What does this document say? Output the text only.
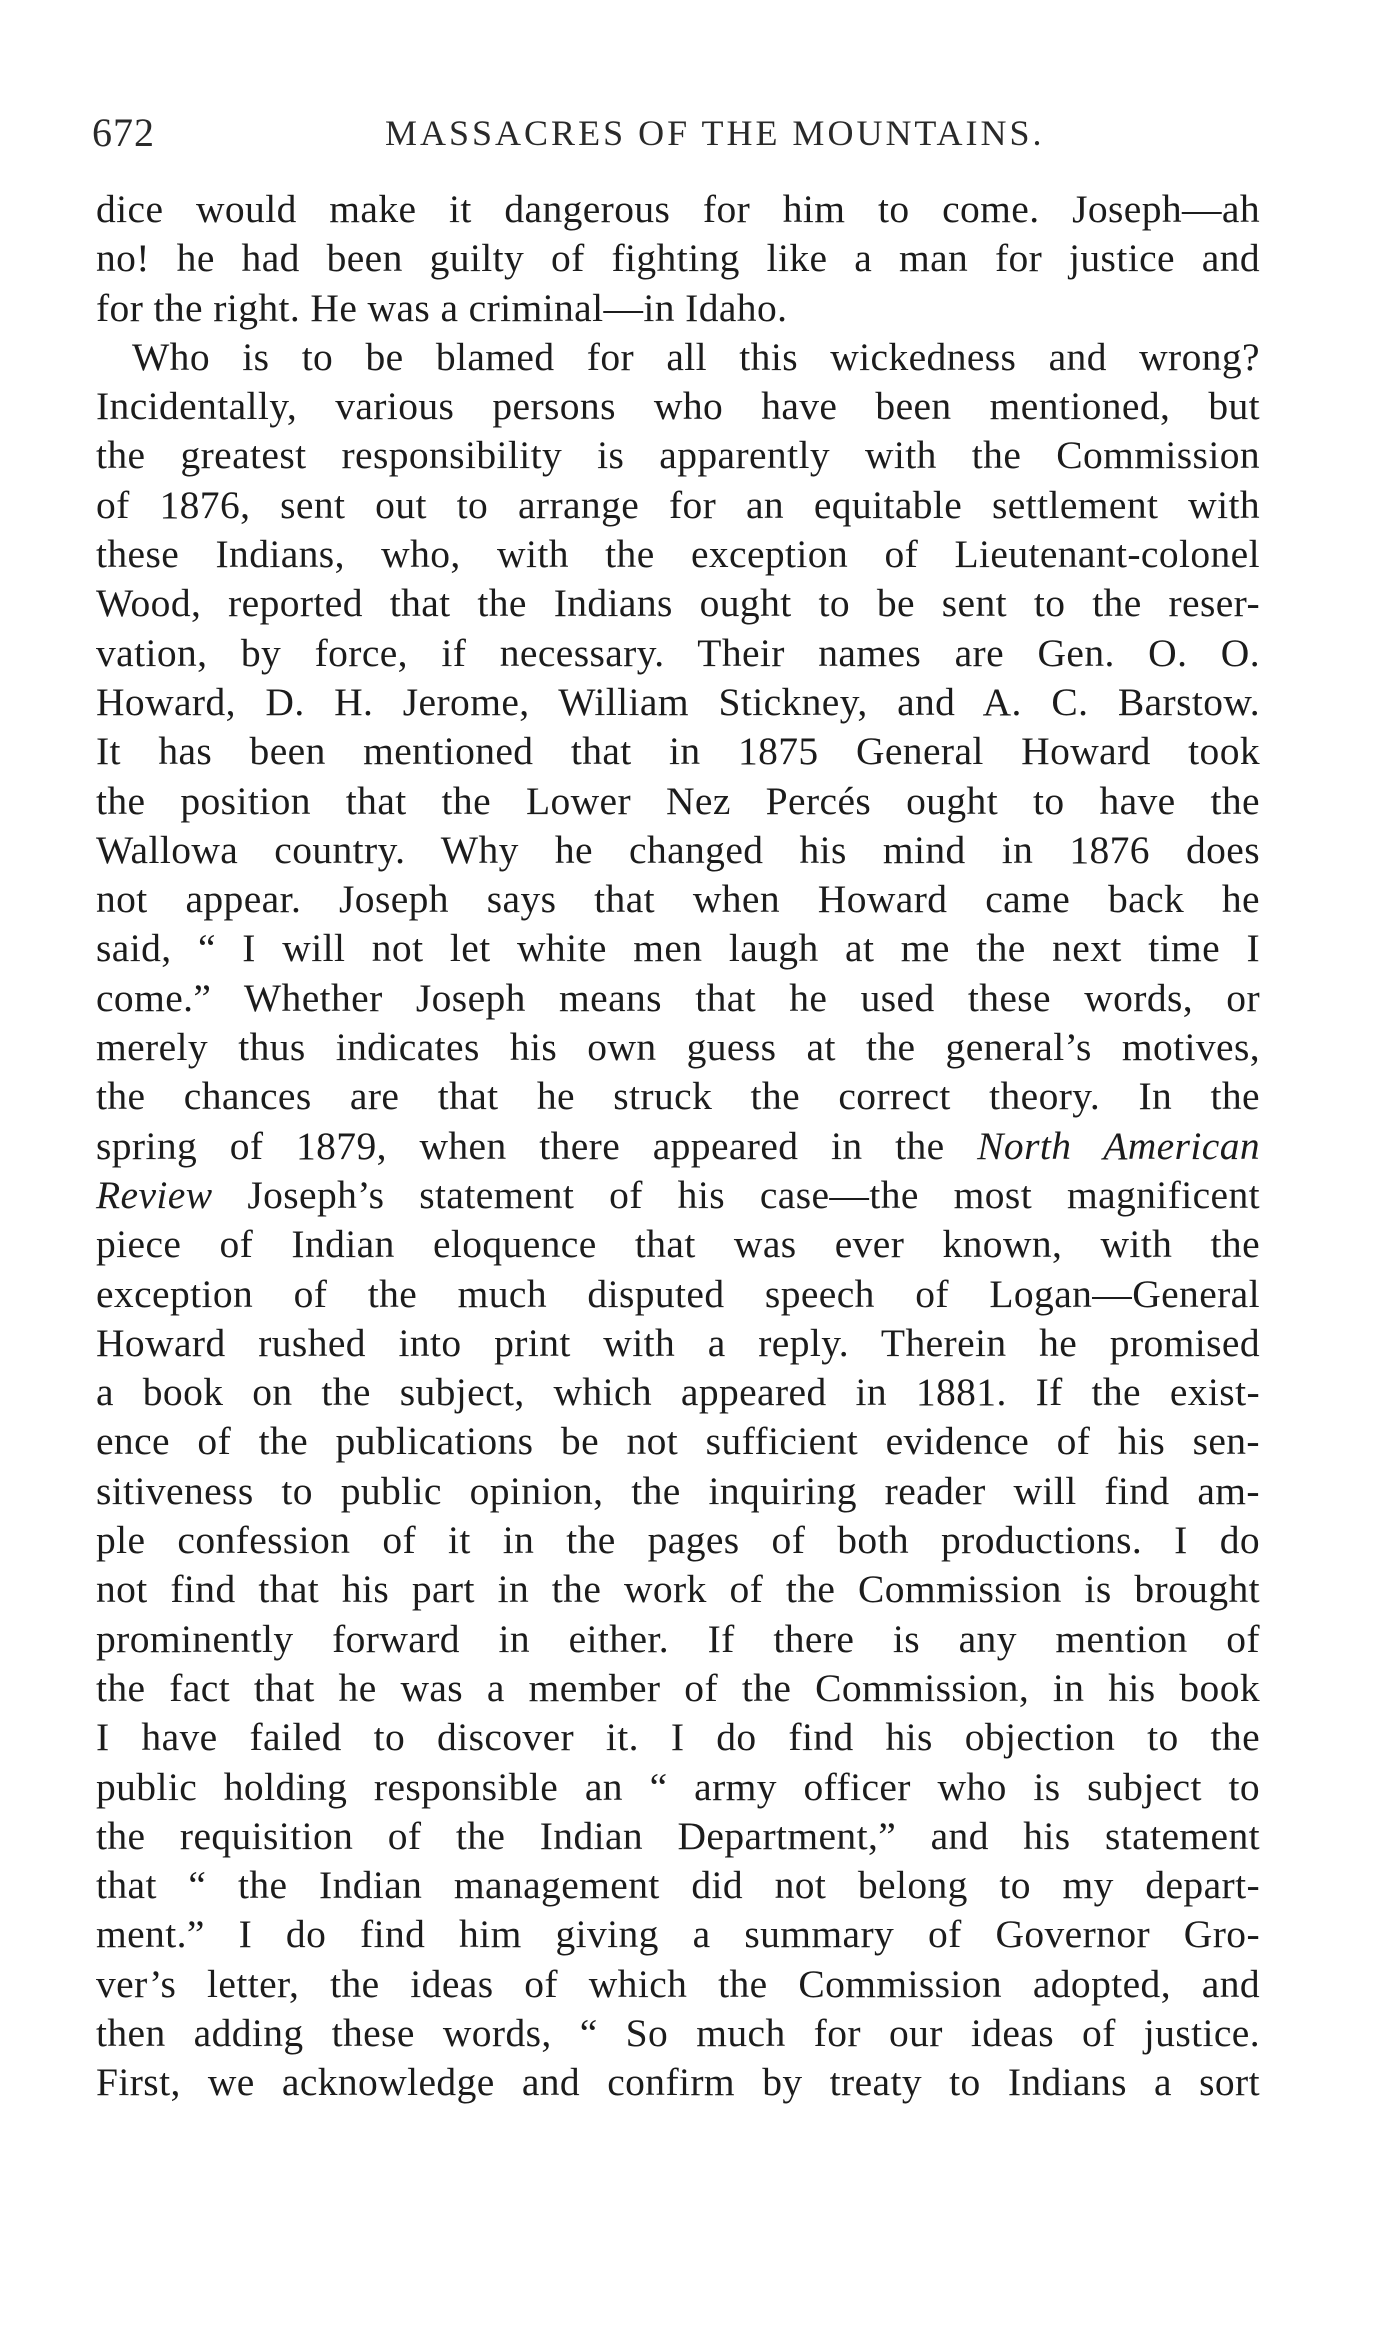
672	MASSACRES OF THE MOUNTAINS.
dice would make it dangerous for him to come. Joseph—ah
no! he had been guilty of fighting like a man for justice and
for the right. He was a criminal—in Idaho.
Who is to be blamed for all this wickedness and wrong?
Incidentally, various persons who have been mentioned, but
the greatest responsibility is apparently with the Commission
of 1876, sent out to arrange for an equitable settlement with
these Indians, who, with the exception of Lieutenant-colonel
Wood, reported that the Indians ought to be sent to the reser-
vation, by force, if necessary. Their names are Gen. O. O.
Howard, D. H. Jerome, William Stickney, and A. C. Barstow.
It has been mentioned that in 1875 General Howard took
the position that the Lower Nez Percés ought to have the
Wallowa country. Why he changed his mind in 1876 does
not appear. Joseph says that when Howard came back he
said, “ I will not let white men laugh at me the next time I
come.” Whether Joseph means that he used these words, or
merely thus indicates his own guess at the general’s motives,
the chances are that he struck the correct theory. In the
spring of 1879, when there appeared in the North American
Review Joseph’s statement of his case—the most magnificent
piece of Indian eloquence that was ever known, with the
exception of the much disputed speech of Logan—General
Howard rushed into print with a reply. Therein he promised
a book on the subject, which appeared in 1881. If the exist-
ence of the publications be not sufficient evidence of his sen-
sitiveness to public opinion, the inquiring reader will find am-
ple confession of it in the pages of both productions. I do
not find that his part in the work of the Commission is brought
prominently forward in either. If there is any mention of
the fact that he was a member of the Commission, in his book
I have failed to discover it. I do find his objection to the
public holding responsible an “ army officer who is subject to
the requisition of the Indian Department,” and his statement
that “ the Indian management did not belong to my depart-
ment.” I do find him giving a summary of Governor Gro-
ver’s letter, the ideas of which the Commission adopted, and
then adding these words, “ So much for our ideas of justice.
First, we acknowledge and confirm by treaty to Indians a sort
